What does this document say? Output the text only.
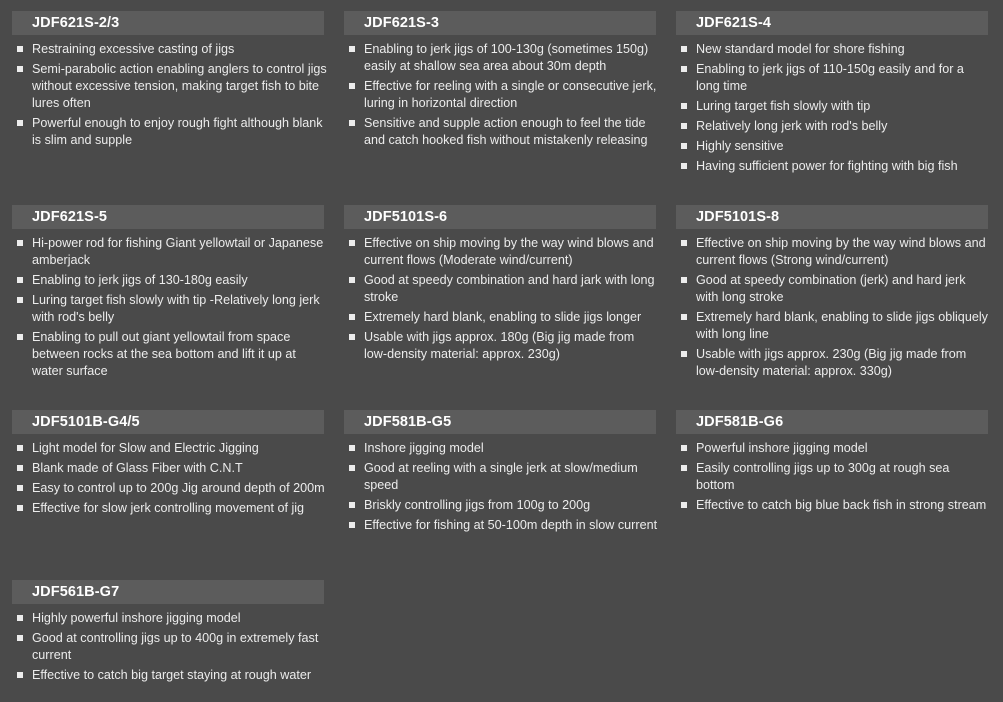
JDF621S-2/3
Restraining excessive casting of jigs
Semi-parabolic action enabling anglers to control jigs without excessive tension, making target fish to bite lures often
Powerful enough to enjoy rough fight although blank is slim and supple
JDF621S-3
Enabling to jerk jigs of 100-130g (sometimes 150g) easily at shallow sea area about 30m depth
Effective for reeling with a single or consecutive jerk, luring in horizontal direction
Sensitive and supple action enough to feel the tide and catch hooked fish without mistakenly releasing
JDF621S-4
New standard model for shore fishing
Enabling to jerk jigs of 110-150g easily and for a long time
Luring target fish slowly with tip
Relatively long jerk with rod's belly
Highly sensitive
Having sufficient power for fighting with big fish
JDF621S-5
Hi-power rod for fishing Giant yellowtail or Japanese amberjack
Enabling to jerk jigs of 130-180g easily
Luring target fish slowly with tip -Relatively long jerk with rod's belly
Enabling to pull out giant yellowtail from space between rocks at the sea bottom and lift it up at water surface
JDF5101S-6
Effective on ship moving by the way wind blows and current flows (Moderate wind/current)
Good at speedy combination and hard jark with long stroke
Extremely hard blank, enabling to slide jigs longer
Usable with jigs approx. 180g (Big jig made from low-density material: approx. 230g)
JDF5101S-8
Effective on ship moving by the way wind blows and current flows (Strong wind/current)
Good at speedy combination (jerk) and hard jerk with long stroke
Extremely hard blank, enabling to slide jigs obliquely with long line
Usable with jigs approx. 230g (Big jig made from low-density material: approx. 330g)
JDF5101B-G4/5
Light model for Slow and Electric Jigging
Blank made of Glass Fiber with C.N.T
Easy to control up to 200g Jig around depth of 200m
Effective for slow jerk controlling movement of jig
JDF581B-G5
Inshore jigging model
Good at reeling with a single jerk at slow/medium speed
Briskly controlling jigs from 100g to 200g
Effective for fishing at 50-100m depth in slow current
JDF581B-G6
Powerful inshore jigging model
Easily controlling jigs up to 300g at rough sea bottom
Effective to catch big blue back fish in strong stream
JDF561B-G7
Highly powerful inshore jigging model
Good at controlling jigs up to 400g in extremely fast current
Effective to catch big target staying at rough water
